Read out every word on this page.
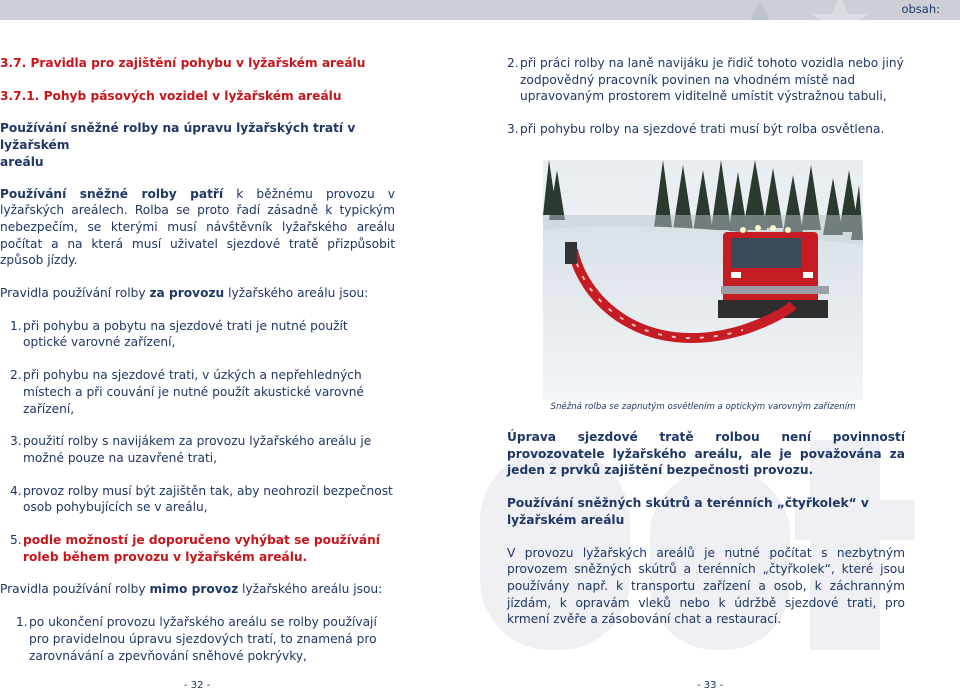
obsah:

3.7. Pravidla pro zajištění pohybu v lyžařském areálu

3.7.1. Pohyb pásových vozidel v lyžařském areálu

Používání sněžné rolby na úpravu lyžařských tratí v lyžařském
areálu

Používání sněžné rolby patří k běžnému provozu v lyžařských areálech. Rolba se proto řadí zásadně k typickým nebezpečím, se kterými musí návštěvník lyžařského areálu počítat a na která musí uživatel sjezdové tratě přizpůsobit způsob jízdy.

Pravidla používání rolby za provozu lyžařského areálu jsou:

1. při pohybu a pobytu na sjezdové trati je nutné použít optické varovné zařízení,
2. při pohybu na sjezdové trati, v úzkých a nepřehledných místech a při couvání je nutné použít akustické varovné zařízení,
3. použití rolby s navijákem za provozu lyžařského areálu je možné pouze na uzavřené trati,
4. provoz rolby musí být zajištěn tak, aby neohrozil bezpečnost osob pohybujících se v areálu,
5. podle možností je doporučeno vyhýbat se používání roleb během provozu v lyžařském areálu.

Pravidla používání rolby mimo provoz lyžařského areálu jsou:

1. po ukončení provozu lyžařského areálu se rolby používají pro pravidelnou úpravu sjezdových tratí, to znamená pro zarovnávání a zpevňování sněhové pokrývky,
2. při práci rolby na laně navijáku je řidič tohoto vozidla nebo jiný zodpovědný pracovník povinen na vhodném místě nad upravovaným prostorem viditelně umístit výstražnou tabuli,
3. při pohybu rolby na sjezdové trati musí být rolba osvětlena.
Sněžná rolba se zapnutým osvětlením a optickým varovným zařízením

Úprava sjezdové tratě rolbou není povinností provozovatele lyžařského areálu, ale je považována za jeden z prvků zajištění bezpečnosti provozu.

Používání sněžných skútrů a terénních „čtyřkolek“ v lyžařském areálu

V provozu lyžařských areálů je nutné počítat s nezbytným provozem sněžných skútrů a terénních „čtyřkolek“, které jsou používány např. k transportu zařízení a osob, k záchranným jízdám, k opravám vleků nebo k údržbě sjezdové trati, pro krmení zvěře a zásobování chat a restaurací.

- 32 -	- 33 -
